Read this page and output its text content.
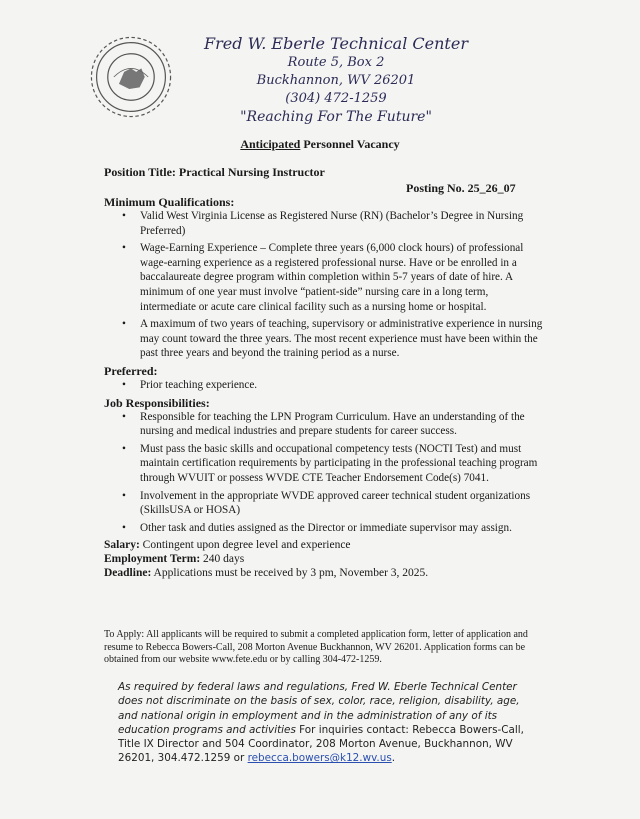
Fred W. Eberle Technical Center
Route 5, Box 2
Buckhannon, WV 26201
(304) 472-1259
"Reaching For The Future"
Anticipated Personnel Vacancy
Position Title: Practical Nursing Instructor
Posting No. 25_26_07

Minimum Qualifications:

• Valid West Virginia License as Registered Nurse (RN) (Bachelor’s Degree in Nursing Preferred)
• Wage-Earning Experience – Complete three years (6,000 clock hours) of professional wage-earning experience as a registered professional nurse. Have or be enrolled in a baccalaureate degree program within completion within 5-7 years of date of hire. A minimum of one year must involve “patient-side” nursing care in a long term, intermediate or acute care clinical facility such as a nursing home or hospital.
• A maximum of two years of teaching, supervisory or administrative experience in nursing may count toward the three years. The most recent experience must have been within the past three years and beyond the training period as a nurse.

Preferred:

• Prior teaching experience.

Job Responsibilities:

• Responsible for teaching the LPN Program Curriculum. Have an understanding of the nursing and medical industries and prepare students for career success.
• Must pass the basic skills and occupational competency tests (NOCTI Test) and must maintain certification requirements by participating in the professional teaching program through WVUIT or possess WVDE CTE Teacher Endorsement Code(s) 7041.
• Involvement in the appropriate WVDE approved career technical student organizations (SkillsUSA or HOSA)
• Other task and duties assigned as the Director or immediate supervisor may assign.

Salary: Contingent upon degree level and experience

Employment Term: 240 days

Deadline: Applications must be received by 3 pm, November 3, 2025.

To Apply: All applicants will be required to submit a completed application form, letter of application and resume to Rebecca Bowers-Call, 208 Morton Avenue Buckhannon, WV 26201. Application forms can be obtained from our website www.fete.edu or by calling 304-472-1259.
As required by federal laws and regulations, Fred W. Eberle Technical Center does not discriminate on the basis of sex, color, race, religion, disability, age, and national origin in employment and in the administration of any of its education programs and activities For inquiries contact: Rebecca Bowers-Call, Title IX Director and 504 Coordinator, 208 Morton Avenue, Buckhannon, WV 26201, 304.472.1259 or rebecca.bowers@k12.wv.us.
